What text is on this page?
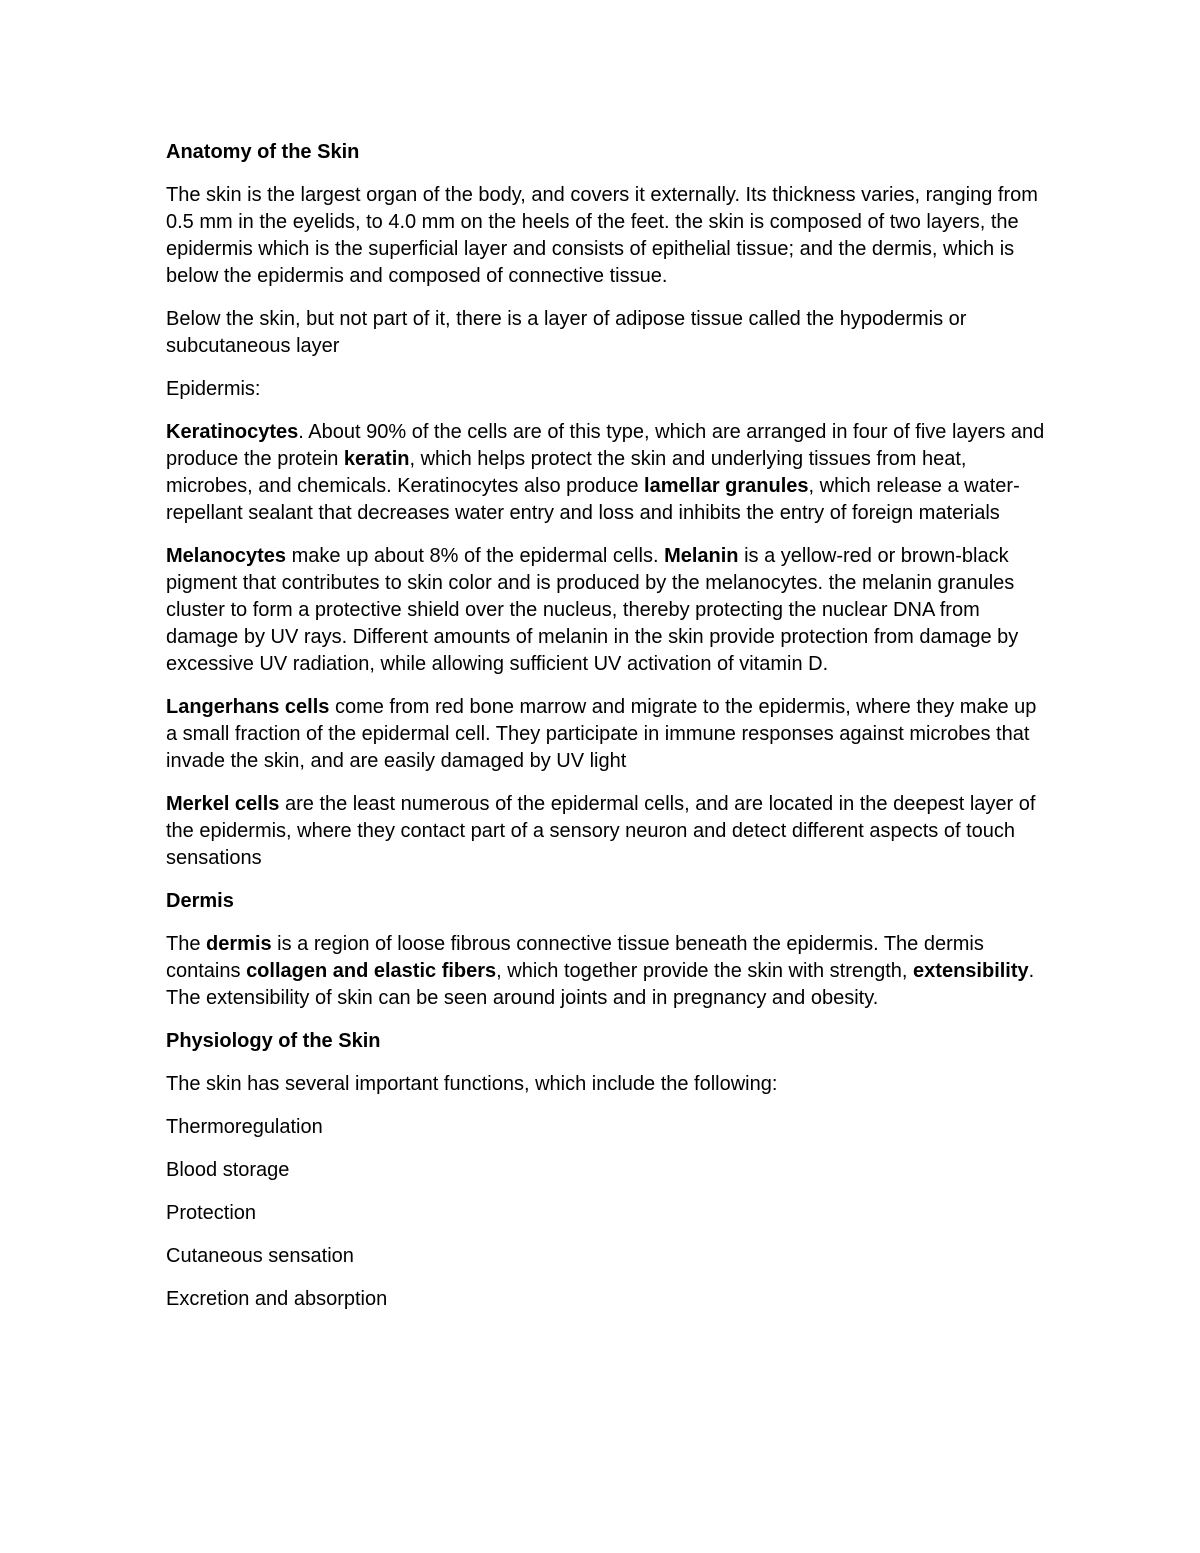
Anatomy of the Skin

The skin is the largest organ of the body, and covers it externally. Its thickness varies, ranging from 0.5 mm in the eyelids, to 4.0 mm on the heels of the feet. the skin is composed of two layers, the epidermis which is the superficial layer and consists of epithelial tissue; and the dermis, which is below the epidermis and composed of connective tissue.

Below the skin, but not part of it, there is a layer of adipose tissue called the hypodermis or subcutaneous layer

Epidermis:

Keratinocytes. About 90% of the cells are of this type, which are arranged in four of five layers and produce the protein keratin, which helps protect the skin and underlying tissues from heat, microbes, and chemicals. Keratinocytes also produce lamellar granules, which release a water-repellant sealant that decreases water entry and loss and inhibits the entry of foreign materials

Melanocytes make up about 8% of the epidermal cells. Melanin is a yellow-red or brown-black pigment that contributes to skin color and is produced by the melanocytes. the melanin granules cluster to form a protective shield over the nucleus, thereby protecting the nuclear DNA from damage by UV rays. Different amounts of melanin in the skin provide protection from damage by excessive UV radiation, while allowing sufficient UV activation of vitamin D.

Langerhans cells come from red bone marrow and migrate to the epidermis, where they make up a small fraction of the epidermal cell. They participate in immune responses against microbes that invade the skin, and are easily damaged by UV light

Merkel cells are the least numerous of the epidermal cells, and are located in the deepest layer of the epidermis, where they contact part of a sensory neuron and detect different aspects of touch sensations

Dermis

The dermis is a region of loose fibrous connective tissue beneath the epidermis. The dermis contains collagen and elastic fibers, which together provide the skin with strength, extensibility. The extensibility of skin can be seen around joints and in pregnancy and obesity.

Physiology of the Skin

The skin has several important functions, which include the following:

Thermoregulation

Blood storage

Protection

Cutaneous sensation

Excretion and absorption
